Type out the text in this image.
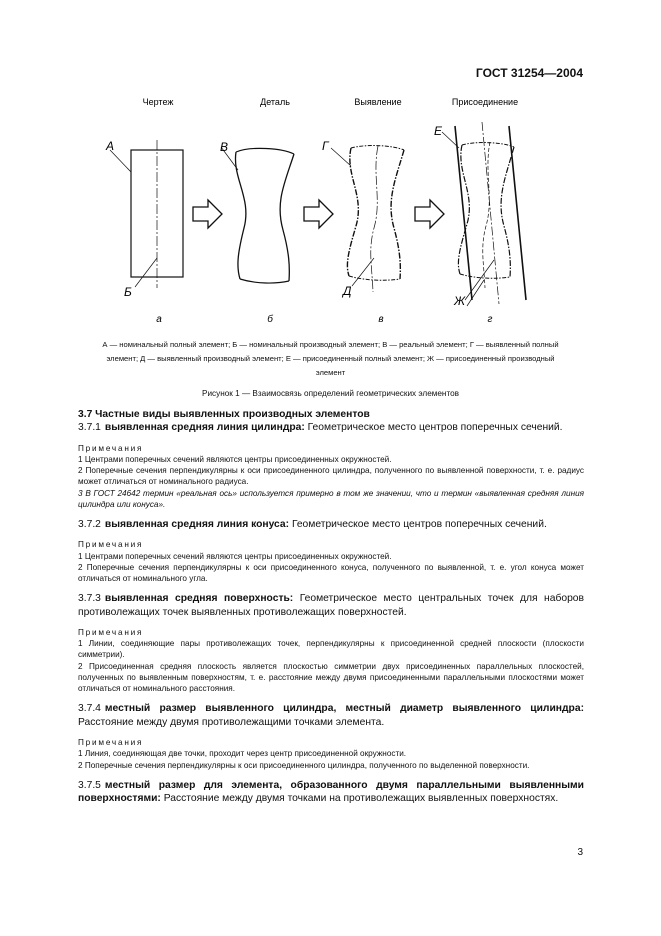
ГОСТ 31254—2004
Чертеж	Деталь	Выявление	Присоединение
А
Б
В	Г
Д
Е
Ж
а	б	в	г
А — номинальный полный элемент; Б — номинальный производный элемент; В — реальный элемент; Г — выявленный полный
элемент; Д — выявленный производный элемент; Е — присоединенный полный элемент; Ж — присоединенный производный
элемент
Рисунок 1 — Взаимосвязь определений геометрических элементов

3.7 Частные виды выявленных производных элементов

3.7.1 выявленная средняя линия цилиндра: Геометрическое место центров поперечных сечений.

Примечания

1 Центрами поперечных сечений являются центры присоединенных окружностей.

2 Поперечные сечения перпендикулярны к оси присоединенного цилиндра, полученного по выявленной поверхности, т. е. радиус может отличаться от номинального радиуса.

3 В ГОСТ 24642 термин «реальная ось» используется примерно в том же значении, что и термин «выявленная средняя линия цилиндра или конуса».

3.7.2 выявленная средняя линия конуса: Геометрическое место центров поперечных сечений.

Примечания

1 Центрами поперечных сечений являются центры присоединенных окружностей.

2 Поперечные сечения перпендикулярны к оси присоединенного конуса, полученного по выявленной, т. е. угол конуса может отличаться от номинального угла.

3.7.3 выявленная средняя поверхность: Геометрическое место центральных точек для наборов противолежащих точек выявленных противолежащих поверхностей.

Примечания

1 Линии, соединяющие пары противолежащих точек, перпендикулярны к присоединенной средней плоскости (плоскости симметрии).

2 Присоединенная средняя плоскость является плоскостью симметрии двух присоединенных параллельных плоскостей, полученных по выявленным поверхностям, т. е. расстояние между двумя присоединенными параллельными плоскостями может отличаться от номинального расстояния.

3.7.4 местный размер выявленного цилиндра, местный диаметр выявленного цилиндра: Расстояние между двумя противолежащими точками элемента.

Примечания

1 Линия, соединяющая две точки, проходит через центр присоединенной окружности.

2 Поперечные сечения перпендикулярны к оси присоединенного цилиндра, полученного по выделенной поверхности.

3.7.5 местный размер для элемента, образованного двумя параллельными выявленными поверхностями: Расстояние между двумя точками на противолежащих выявленных поверхностях.

3
